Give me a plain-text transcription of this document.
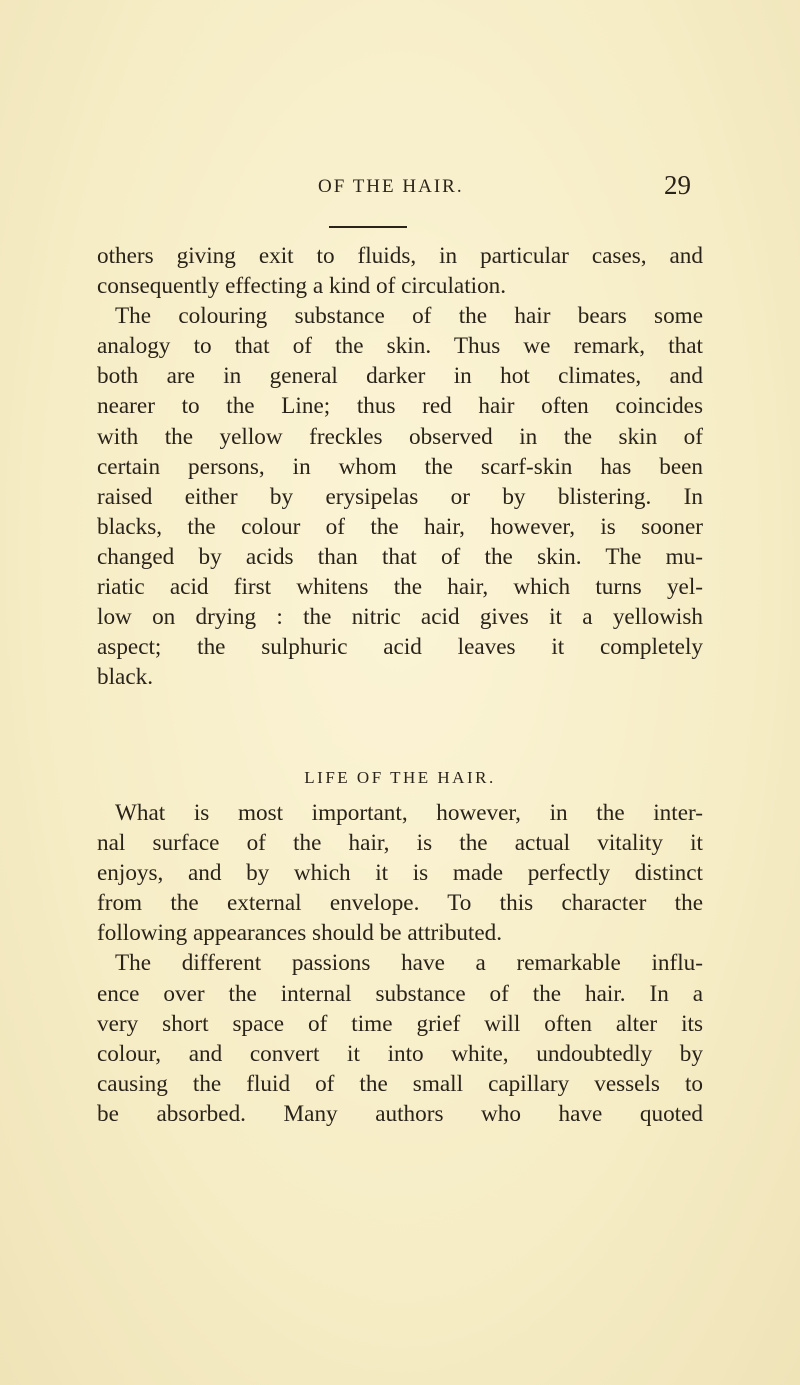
OF THE HAIR.	29
others giving exit to fluids, in particular cases, and
consequently effecting a kind of circulation.
The colouring substance of the hair bears some
analogy to that of the skin. Thus we remark, that
both are in general darker in hot climates, and
nearer to the Line; thus red hair often coincides
with the yellow freckles observed in the skin of
certain persons, in whom the scarf-skin has been
raised either by erysipelas or by blistering. In
blacks, the colour of the hair, however, is sooner
changed by acids than that of the skin. The mu-
riatic acid first whitens the hair, which turns yel-
low on drying : the nitric acid gives it a yellowish
aspect; the sulphuric acid leaves it completely
black.
LIFE OF THE HAIR.
What is most important, however, in the inter-
nal surface of the hair, is the actual vitality it
enjoys, and by which it is made perfectly distinct
from the external envelope. To this character the
following appearances should be attributed.
The different passions have a remarkable influ-
ence over the internal substance of the hair. In a
very short space of time grief will often alter its
colour, and convert it into white, undoubtedly by
causing the fluid of the small capillary vessels to
be absorbed. Many authors who have quoted
